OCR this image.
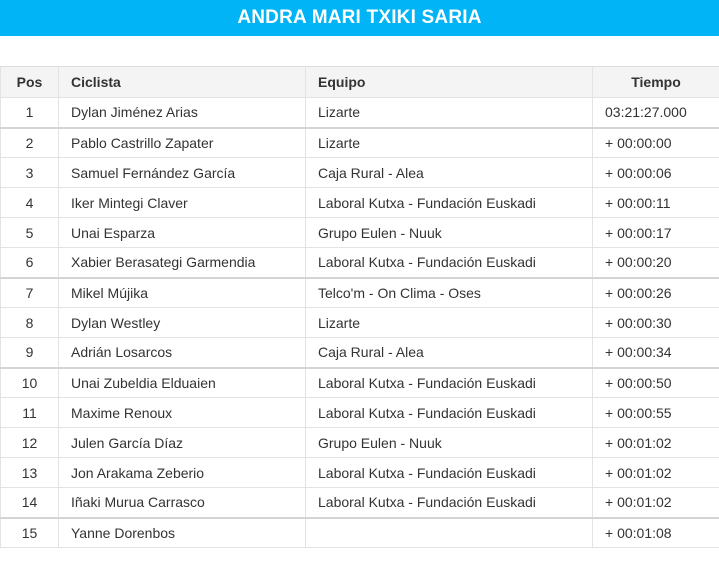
ANDRA MARI TXIKI SARIA
Pos	Ciclista	Equipo	Tiempo
1	Dylan Jiménez Arias	Lizarte	03:21:27.000
2	Pablo Castrillo Zapater	Lizarte	+ 00:00:00
3	Samuel Fernández García	Caja Rural - Alea	+ 00:00:06
4	Iker Mintegi Claver	Laboral Kutxa - Fundación Euskadi	+ 00:00:11
5	Unai Esparza	Grupo Eulen - Nuuk	+ 00:00:17
6	Xabier Berasategi Garmendia	Laboral Kutxa - Fundación Euskadi	+ 00:00:20
7	Mikel Mújika	Telco'm - On Clima - Oses	+ 00:00:26
8	Dylan Westley	Lizarte	+ 00:00:30
9	Adrián Losarcos	Caja Rural - Alea	+ 00:00:34
10	Unai Zubeldia Elduaien	Laboral Kutxa - Fundación Euskadi	+ 00:00:50
11	Maxime Renoux	Laboral Kutxa - Fundación Euskadi	+ 00:00:55
12	Julen García Díaz	Grupo Eulen - Nuuk	+ 00:01:02
13	Jon Arakama Zeberio	Laboral Kutxa - Fundación Euskadi	+ 00:01:02
14	Iñaki Murua Carrasco	Laboral Kutxa - Fundación Euskadi	+ 00:01:02
15	Yanne Dorenbos		+ 00:01:08
